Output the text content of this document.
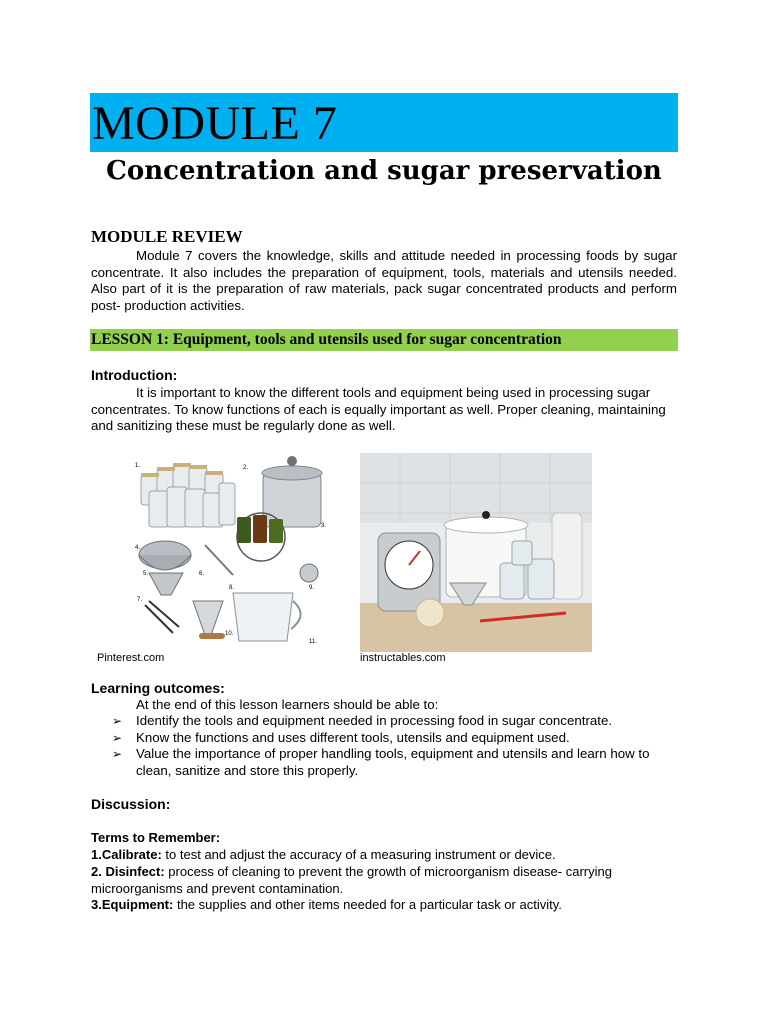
MODULE 7
Concentration and sugar preservation
MODULE REVIEW

Module 7 covers the knowledge, skills and attitude needed in processing foods by sugar concentrate. It also includes the preparation of equipment, tools, materials and utensils needed. Also part of it is the preparation of raw materials, pack sugar concentrated products and perform post- production activities.

LESSON 1: Equipment, tools and utensils used for sugar concentration

Introduction:

It is important to know the different tools and equipment being used in processing sugar concentrates. To know functions of each is equally important as well. Proper cleaning, maintaining and sanitizing these must be regularly done as well.

1.	2.
3.
4.
5.	6.
7.
8.	9.
10.
11.

Pinterest.com	instructables.com

Learning outcomes:

At the end of this lesson learners should be able to:

➢ Identify the tools and equipment needed in processing food in sugar concentrate.
➢ Know the functions and uses different tools, utensils and equipment used.
➢ Value the importance of proper handling tools, equipment and utensils and learn how to clean, sanitize and store this properly.

Discussion:

Terms to Remember:

1.Calibrate: to test and adjust the accuracy of a measuring instrument or device.

2. Disinfect: process of cleaning to prevent the growth of microorganism disease- carrying microorganisms and prevent contamination.

3.Equipment: the supplies and other items needed for a particular task or activity.
